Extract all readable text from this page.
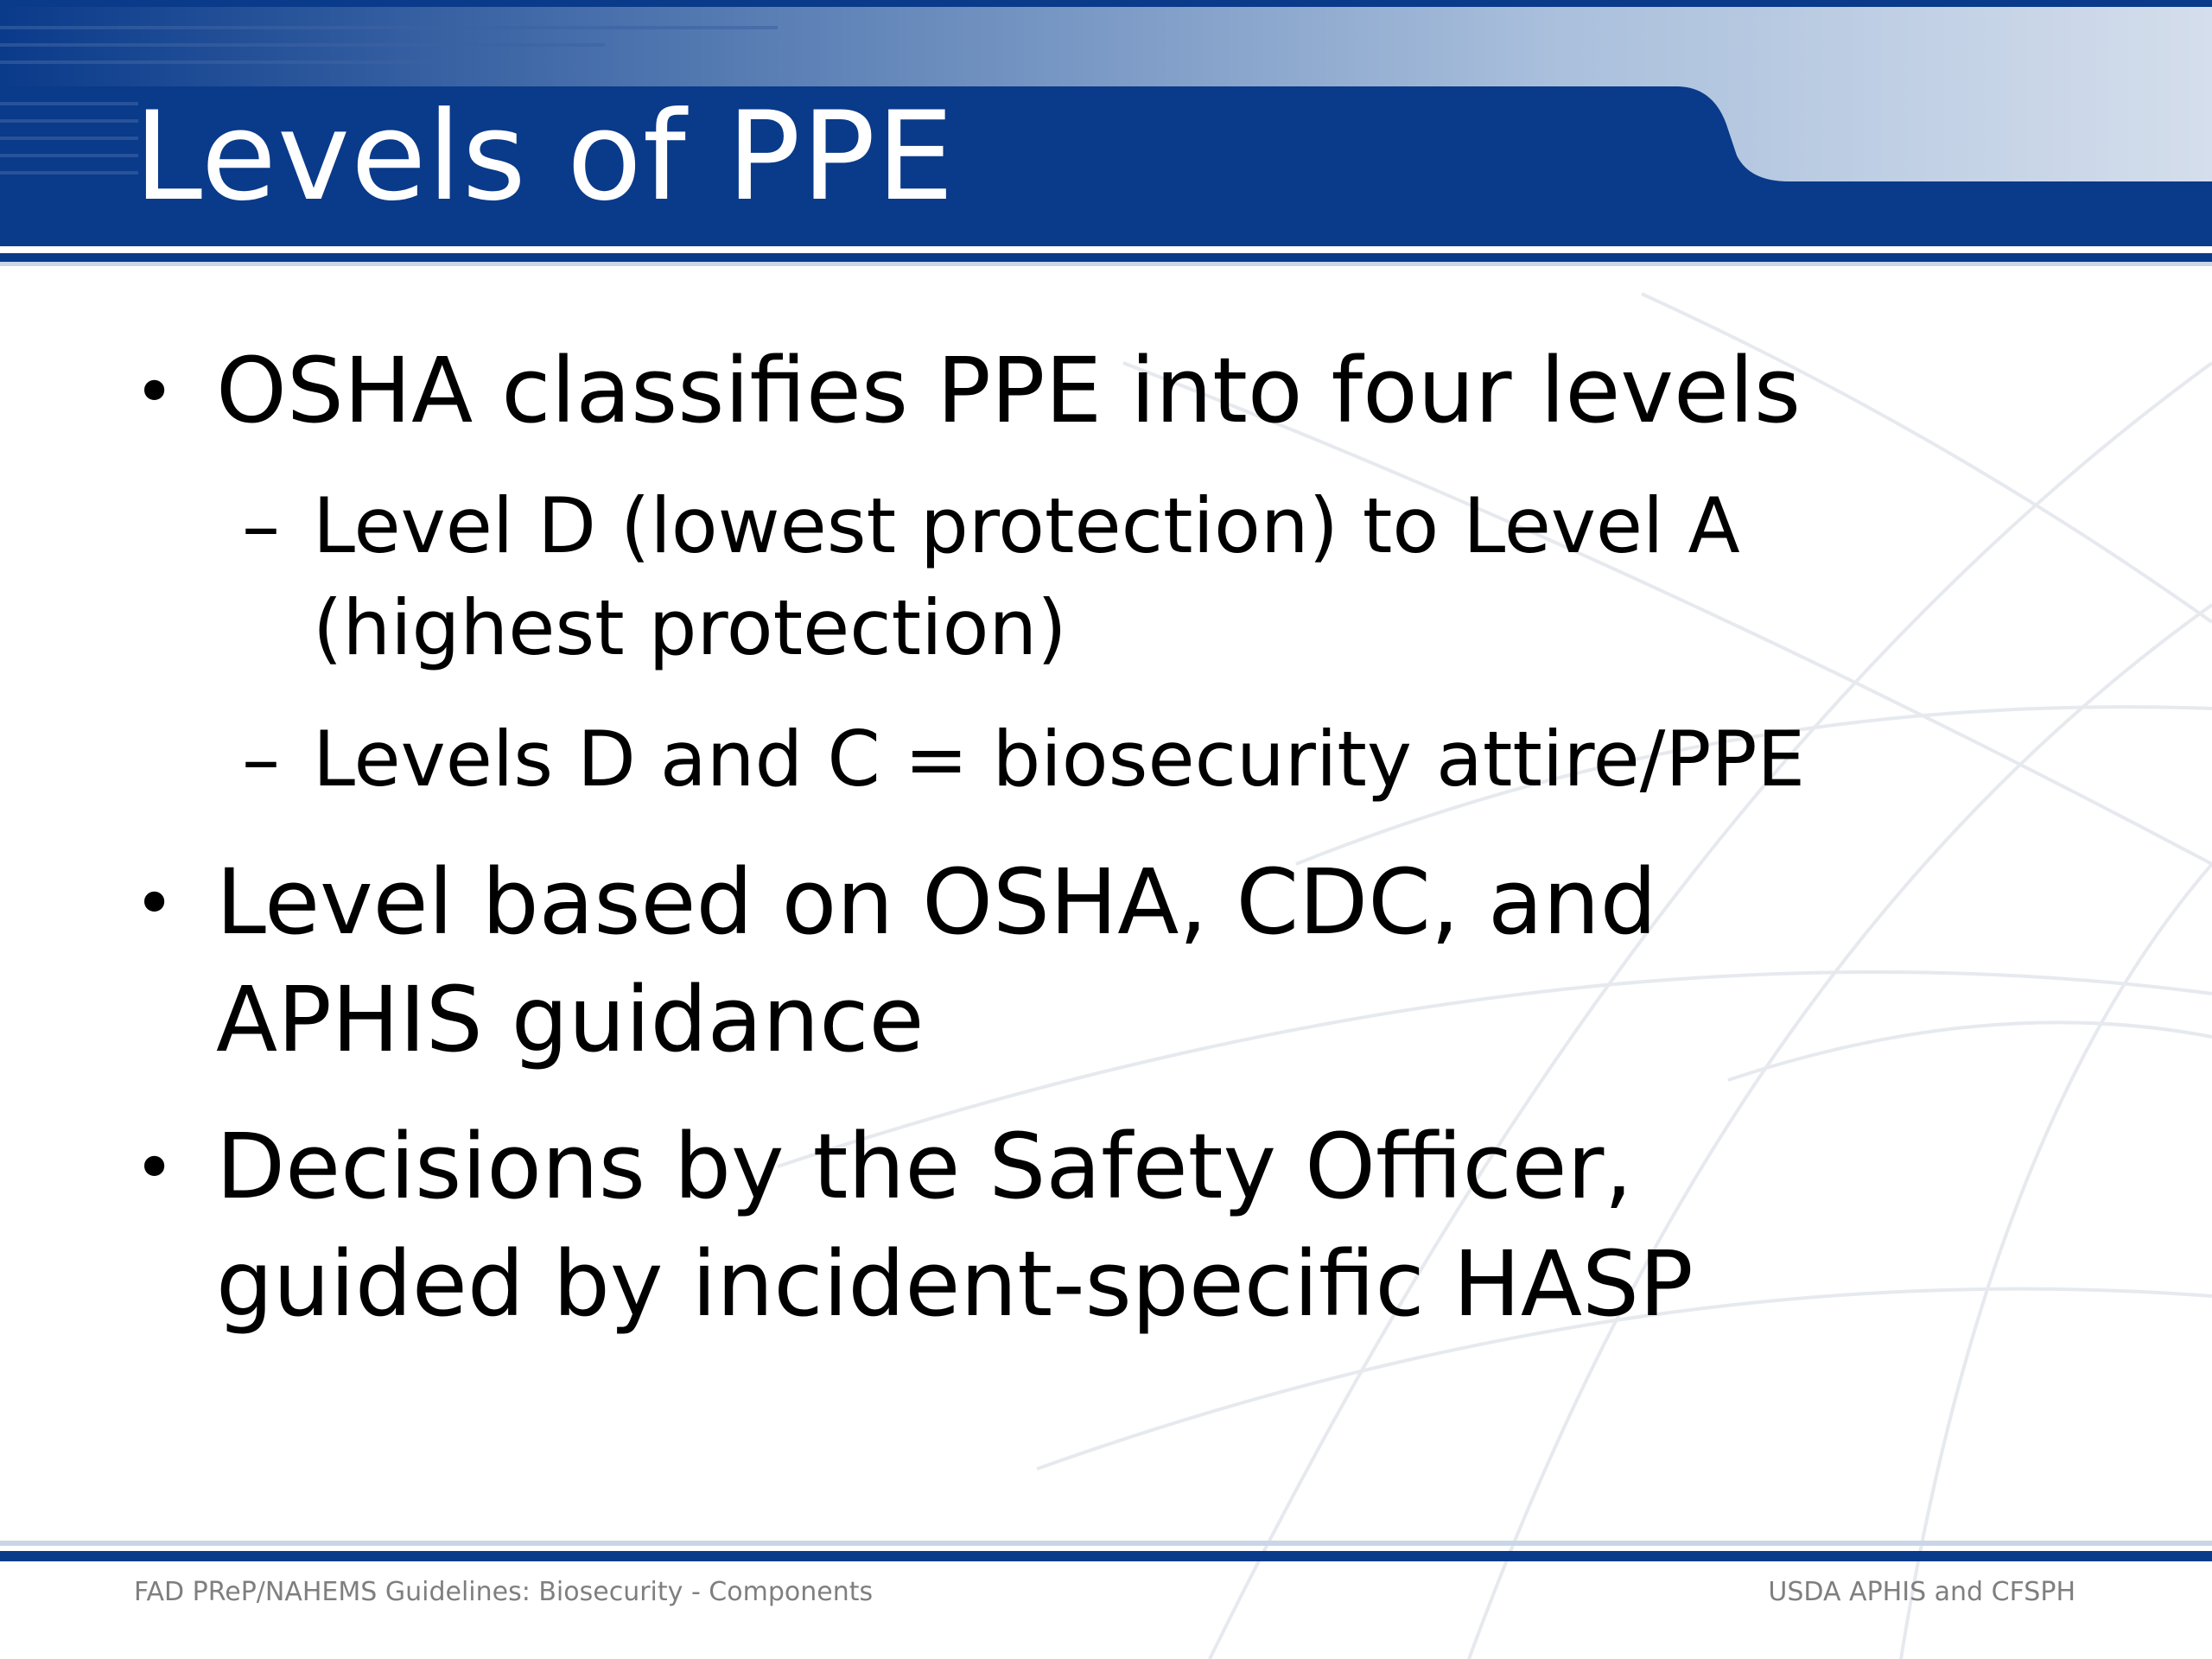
Levels of PPE
• OSHA classifies PPE into four levels

– Level D (lowest protection) to Level A

(highest protection)

– Levels D and C = biosecurity attire/PPE

• Level based on OSHA, CDC, and

APHIS guidance

• Decisions by the Safety Officer,

guided by incident-specific HASP

FAD PReP/NAHEMS Guidelines: Biosecurity - Components	USDA APHIS and CFSPH
